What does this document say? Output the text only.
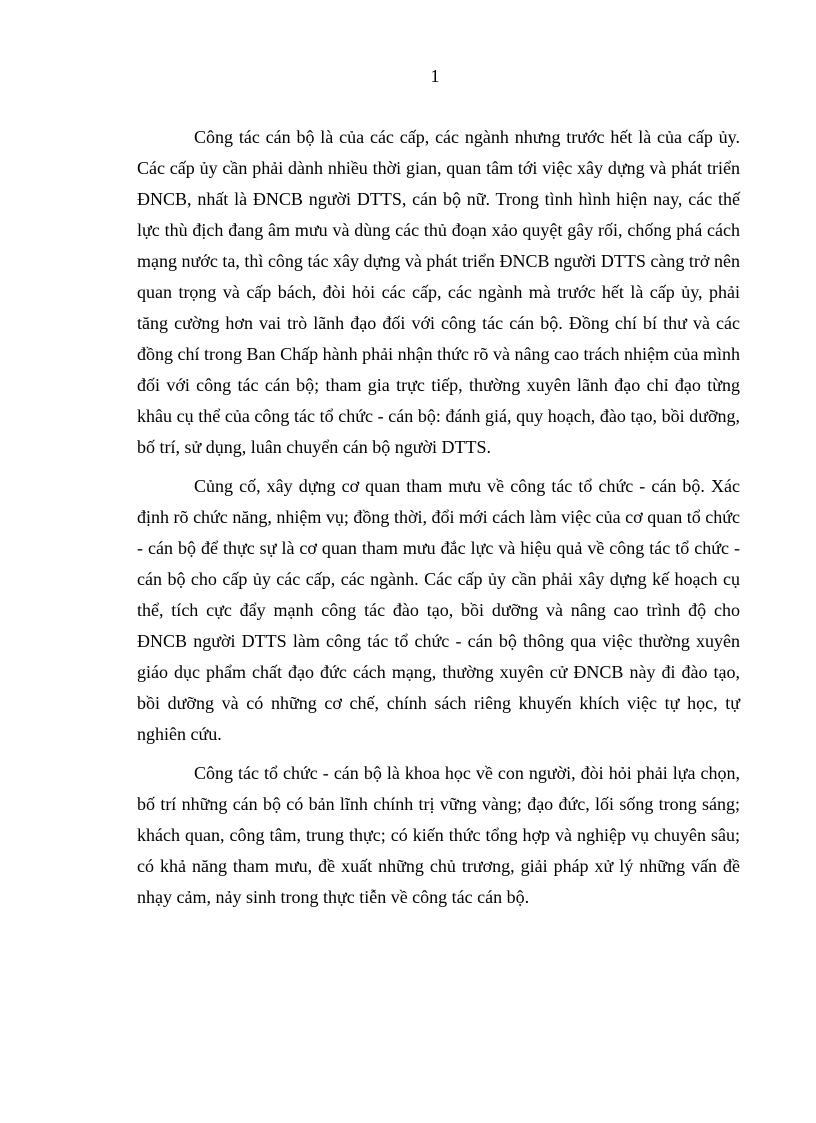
1

Công tác cán bộ là của các cấp, các ngành nhưng trước hết là của cấp ủy. Các cấp ủy cần phải dành nhiều thời gian, quan tâm tới việc xây dựng và phát triển ĐNCB, nhất là ĐNCB người DTTS, cán bộ nữ. Trong tình hình hiện nay, các thế lực thù địch đang âm mưu và dùng các thủ đoạn xảo quyệt gây rối, chống phá cách mạng nước ta, thì công tác xây dựng và phát triển ĐNCB người DTTS càng trở nên quan trọng và cấp bách, đòi hỏi các cấp, các ngành mà trước hết là cấp ủy, phải tăng cường hơn vai trò lãnh đạo đối với công tác cán bộ. Đồng chí bí thư và các đồng chí trong Ban Chấp hành phải nhận thức rõ và nâng cao trách nhiệm của mình đối với công tác cán bộ; tham gia trực tiếp, thường xuyên lãnh đạo chỉ đạo từng khâu cụ thể của công tác tổ chức - cán bộ: đánh giá, quy hoạch, đào tạo, bồi dưỡng, bố trí, sử dụng, luân chuyển cán bộ người DTTS.

Củng cố, xây dựng cơ quan tham mưu về công tác tổ chức - cán bộ. Xác định rõ chức năng, nhiệm vụ; đồng thời, đổi mới cách làm việc của cơ quan tổ chức - cán bộ để thực sự là cơ quan tham mưu đắc lực và hiệu quả về công tác tổ chức - cán bộ cho cấp ủy các cấp, các ngành. Các cấp ủy cần phải xây dựng kế hoạch cụ thể, tích cực đẩy mạnh công tác đào tạo, bồi dưỡng và nâng cao trình độ cho ĐNCB người DTTS làm công tác tổ chức - cán bộ thông qua việc thường xuyên giáo dục phẩm chất đạo đức cách mạng, thường xuyên cử ĐNCB này đi đào tạo, bồi dưỡng và có những cơ chế, chính sách riêng khuyến khích việc tự học, tự nghiên cứu.

Công tác tổ chức - cán bộ là khoa học về con người, đòi hỏi phải lựa chọn, bố trí những cán bộ có bản lĩnh chính trị vững vàng; đạo đức, lối sống trong sáng; khách quan, công tâm, trung thực; có kiến thức tổng hợp và nghiệp vụ chuyên sâu; có khả năng tham mưu, đề xuất những chủ trương, giải pháp xử lý những vấn đề nhạy cảm, nảy sinh trong thực tiễn về công tác cán bộ.
